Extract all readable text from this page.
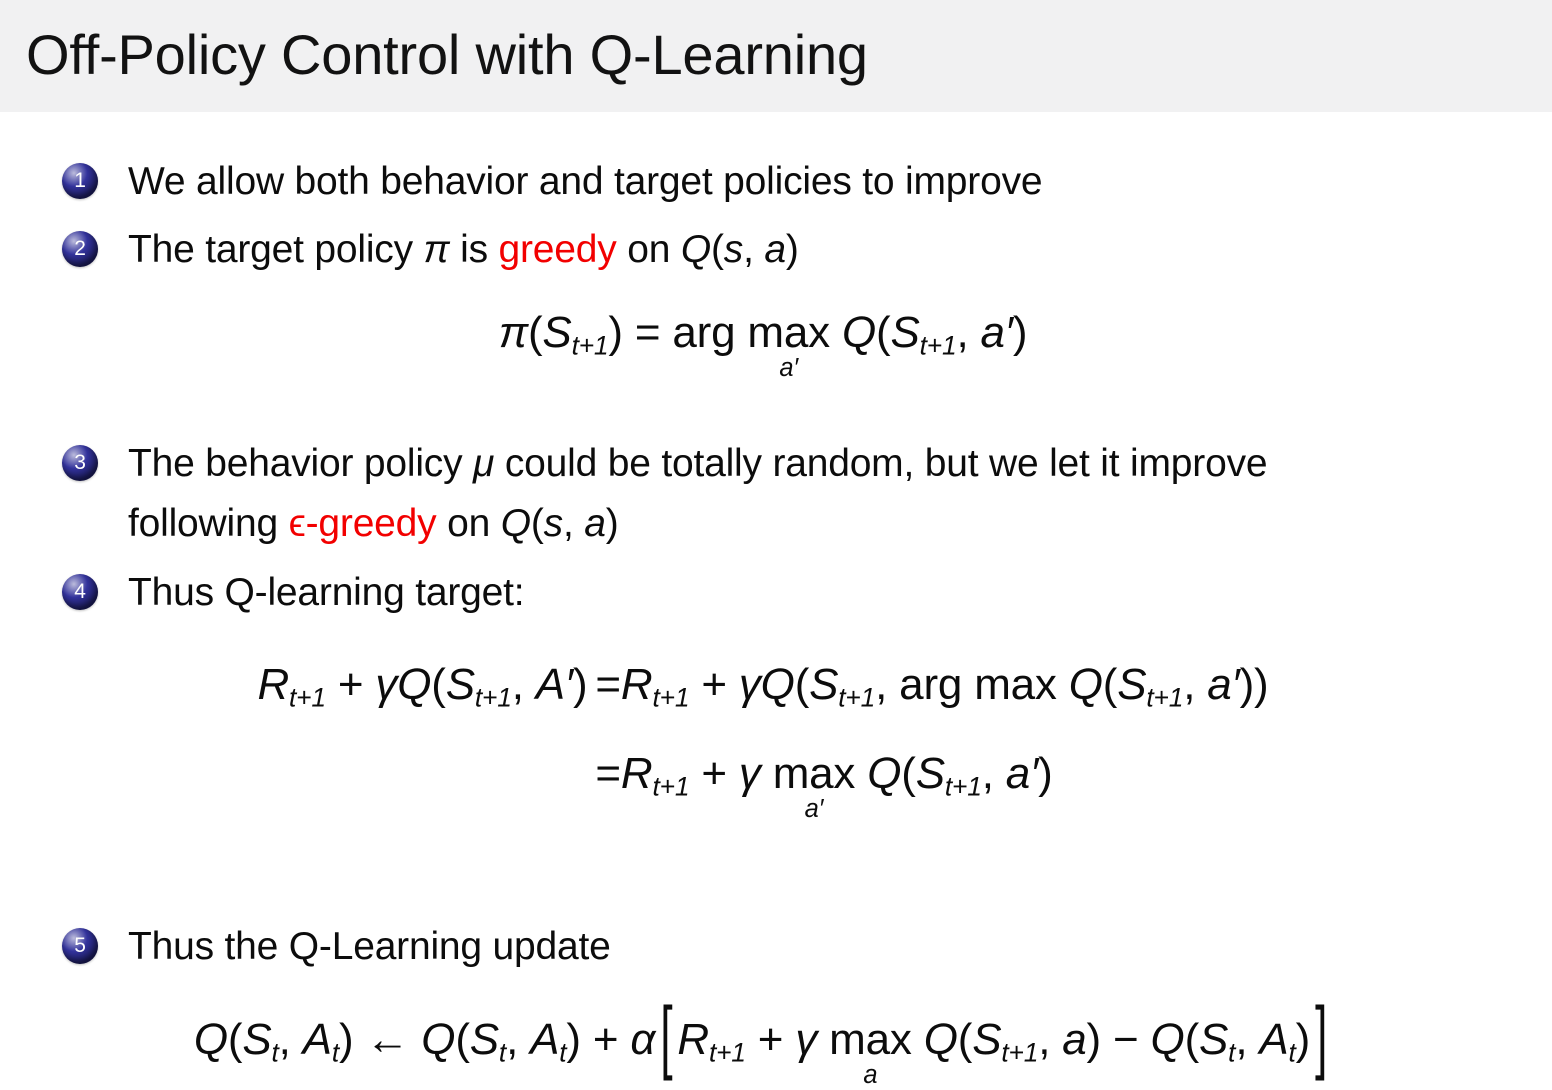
Off-Policy Control with Q-Learning
1 We allow both behavior and target policies to improve
2 The target policy π is greedy on Q(s, a)
π(St+1) = arg max
a′
Q(St+1, a′)
3 The behavior policy μ could be totally random, but we let it improve
following ϵ-greedy on Q(s, a)
4 Thus Q-learning target:
Rt+1 + γQ(St+1, A′) =Rt+1 + γQ(St+1, arg max Q(St+1, a′))
=Rt+1 + γ max
a′
Q(St+1, a′)
5 Thus the Q-Learning update
Q(St, At) ← Q(St, At) + α [ Rt+1 + γ max
a
Q(St+1, a) − Q(St, At) ]
